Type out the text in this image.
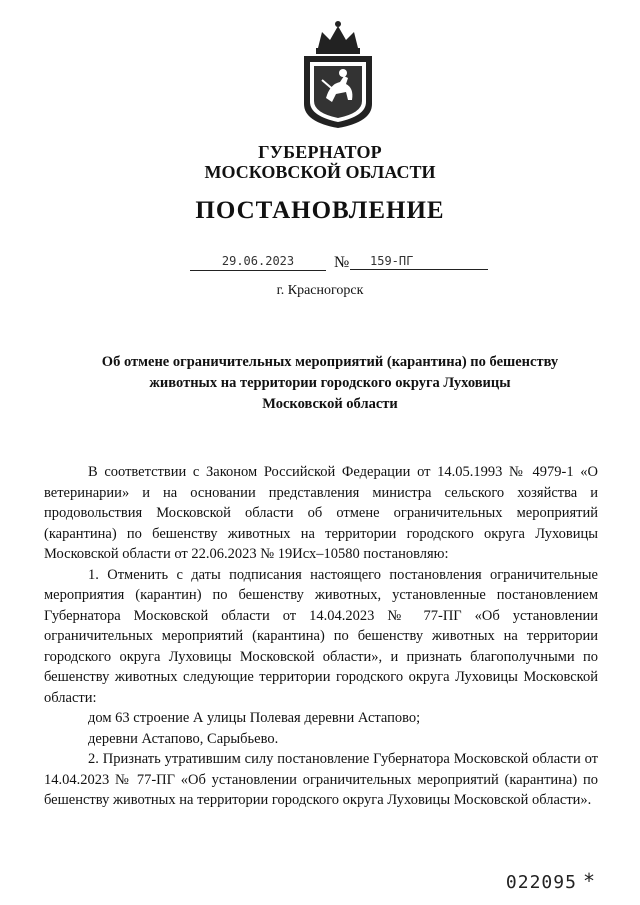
ГУБЕРНАТОР
МОСКОВСКОЙ ОБЛАСТИ
ПОСТАНОВЛЕНИЕ
29.06.2023	№	159-ПГ
г. Красногорск
Об отмене ограничительных мероприятий (карантина) по бешенству
животных на территории городского округа Луховицы
Московской области

В соответствии с Законом Российской Федерации от 14.05.1993 № 4979-1 «О ветеринарии» и на основании представления министра сельского хозяйства и продовольствия Московской области об отмене ограничительных мероприятий (карантина) по бешенству животных на территории городского округа Луховицы Московской области от 22.06.2023 № 19Исх–10580 постановляю:

1. Отменить с даты подписания настоящего постановления ограничительные мероприятия (карантин) по бешенству животных, установленные постановлением Губернатора Московской области от 14.04.2023 № 77-ПГ «Об установлении ограничительных мероприятий (карантина) по бешенству животных на территории городского округа Луховицы Московской области», и признать благополучными по бешенству животных следующие территории городского округа Луховицы Московской области:

дом 63 строение А улицы Полевая деревни Астапово;

деревни Астапово, Сарыбьево.

2. Признать утратившим силу постановление Губернатора Московской области от 14.04.2023 № 77-ПГ «Об установлении ограничительных мероприятий (карантина) по бешенству животных на территории городского округа Луховицы Московской области».

022095 *
